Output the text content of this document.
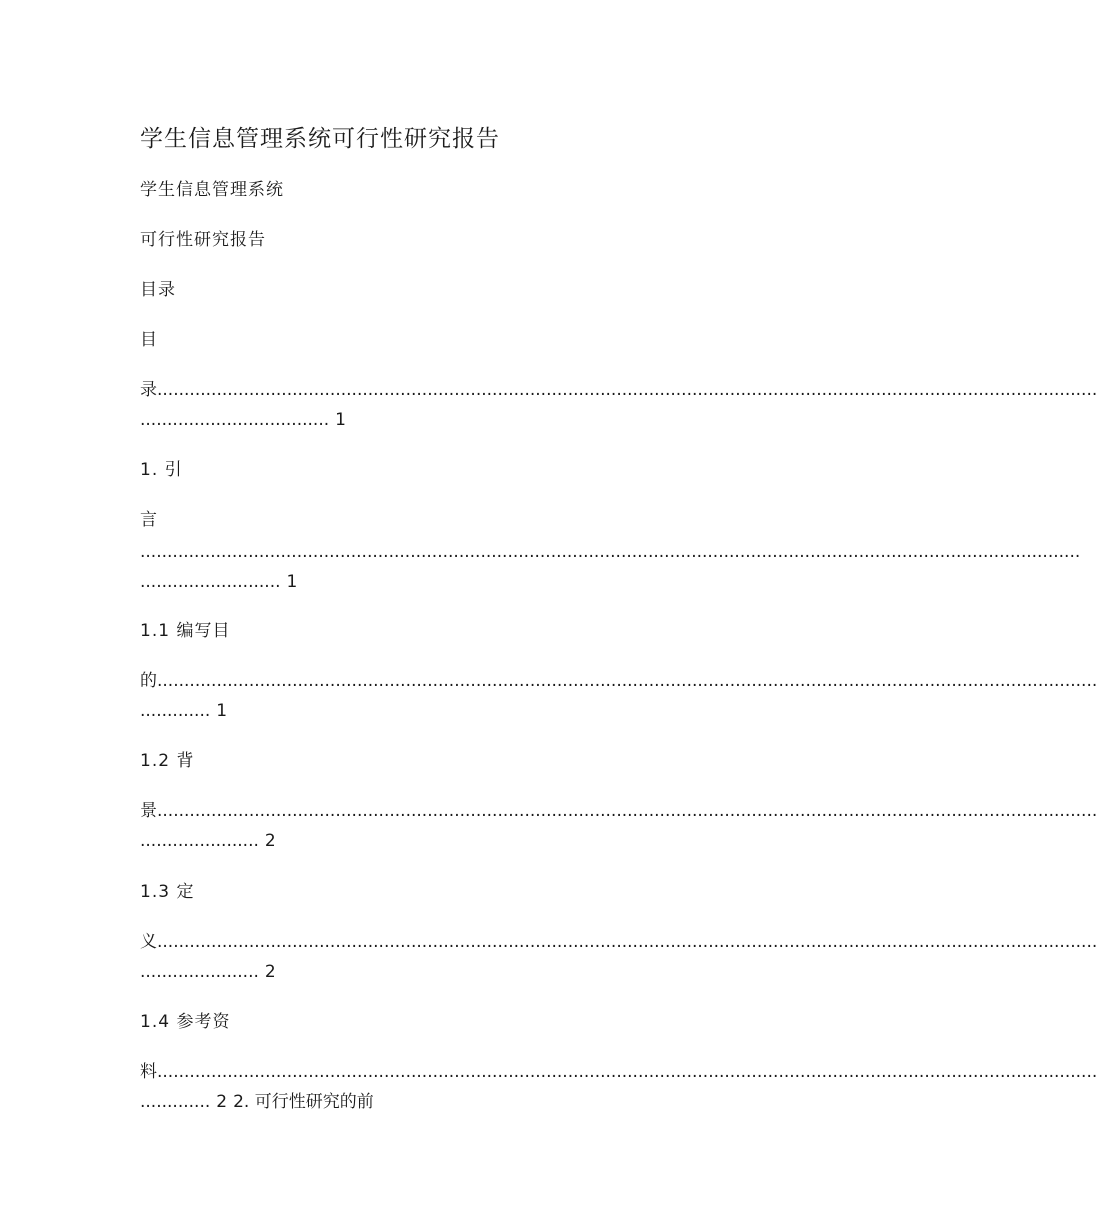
学生信息管理系统可行性研究报告
学生信息管理系统
可行性研究报告
目录
目
录..............................................................................................................................................................................
................................... 1
1. 引
言
..............................................................................................................................................................................
.......................... 1
1.1 编写目
的..............................................................................................................................................................................
............. 1
1.2 背
景..............................................................................................................................................................................
...................... 2
1.3 定
义..............................................................................................................................................................................
...................... 2
1.4 参考资
料..............................................................................................................................................................................
............. 2 2. 可行性研究的前
